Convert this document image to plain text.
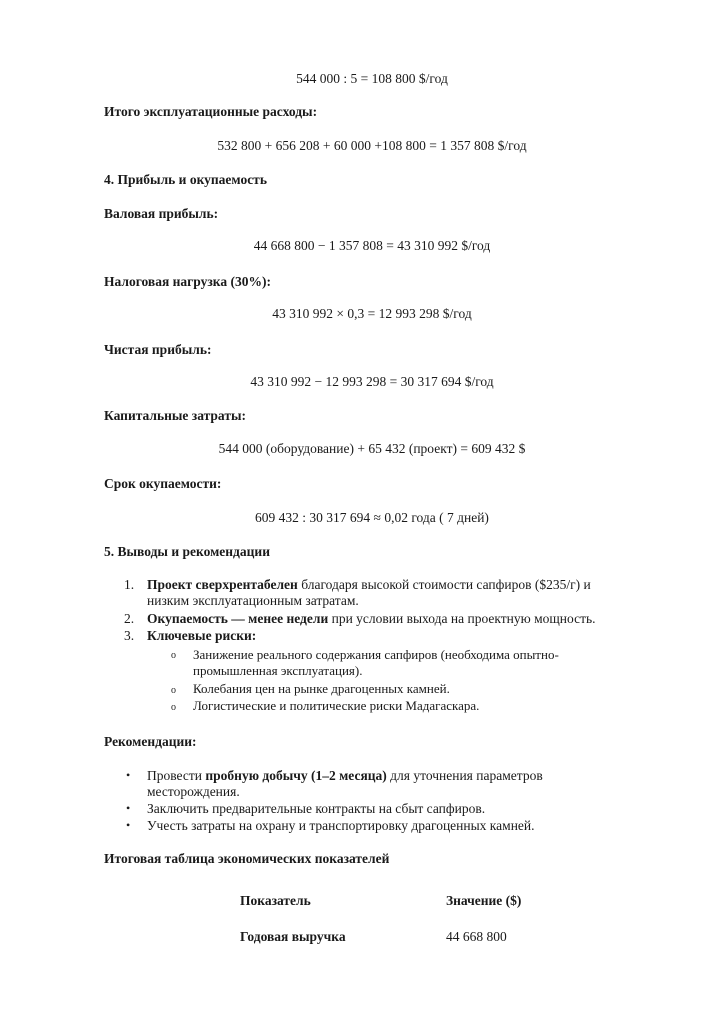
544 000 : 5 = 108 800 $/год
Итого эксплуатационные расходы:
532 800 + 656 208 + 60 000 +108 800 = 1 357 808 $/год
4. Прибыль и окупаемость
Валовая прибыль:
44 668 800 − 1 357 808 = 43 310 992 $/год
Налоговая нагрузка (30%):
43 310 992 × 0,3 = 12 993 298 $/год
Чистая прибыль:
43 310 992 − 12 993 298 = 30 317 694 $/год
Капитальные затраты:
544 000 (оборудование) + 65 432 (проект) = 609 432 $
Срок окупаемости:
609 432 : 30 317 694 ≈ 0,02 года ( 7 дней)
5. Выводы и рекомендации
1. Проект сверхрентабелен благодаря высокой стоимости сапфиров ($235/г) и
низким эксплуатационным затратам.
2. Окупаемость — менее недели при условии выхода на проектную мощность.
3. Ключевые риски:
o Занижение реального содержания сапфиров (необходима опытно-
промышленная эксплуатация).
o Колебания цен на рынке драгоценных камней.
o Логистические и политические риски Мадагаскара.
Рекомендации:
• Провести пробную добычу (1–2 месяца) для уточнения параметров
месторождения.
• Заключить предварительные контракты на сбыт сапфиров.
• Учесть затраты на охрану и транспортировку драгоценных камней.
Итоговая таблица экономических показателей
Показатель	Значение ($)
Годовая выручка	44 668 800
